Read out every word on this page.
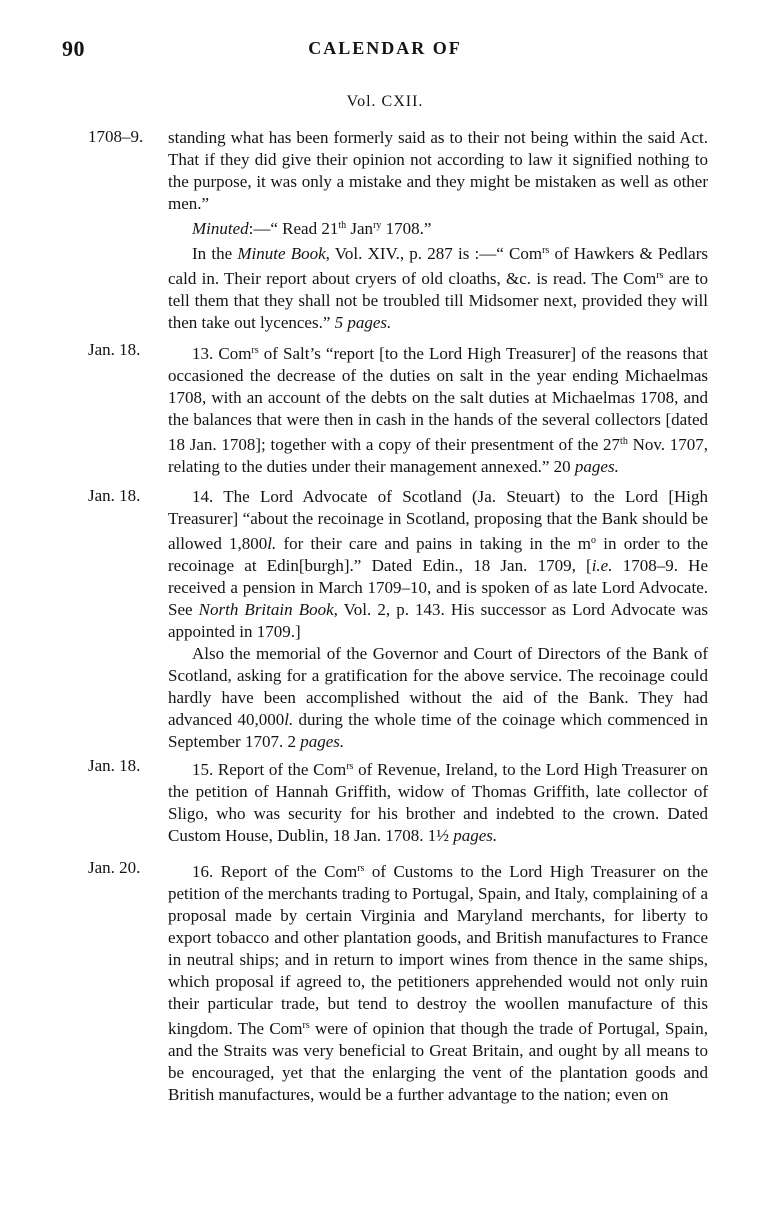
90	CALENDAR OF
Vol. CXII.
1708–9. standing what has been formerly said as to their not being within the said Act. That if they did give their opinion not according to law it signified nothing to the purpose, it was only a mistake and they might be mistaken as well as other men.”

Minuted:—“ Read 21th Jan$^{ry}$ 1708.”

In the Minute Book, Vol. XIV., p. 287 is :—“ Com$^{rs}$ of Hawkers & Pedlars cald in. Their report about cryers of old cloaths, &c. is read. The Com$^{rs}$ are to tell them that they shall not be troubled till Midsomer next, provided they will then take out lycences.” 5 pages.

Jan. 18.	13. Com$^{rs}$ of Salt’s “report [to the Lord High Treasurer] of the reasons that occasioned the decrease of the duties on salt in the year ending Michaelmas 1708, with an account of the debts on the salt duties at Michaelmas 1708, and the balances that were then in cash in the hands of the several collectors [dated 18 Jan. 1708]; together with a copy of their presentment of the 27th Nov. 1707, relating to the duties under their management annexed.” 20 pages.

Jan. 18.	14. The Lord Advocate of Scotland (Ja. Steuart) to the Lord [High Treasurer] “about the recoinage in Scotland, proposing that the Bank should be allowed 1,800l. for their care and pains in taking in the $m^o$ in order to the recoinage at Edin[burgh].” Dated Edin., 18 Jan. 1709, [i.e. 1708–9. He received a pension in March 1709–10, and is spoken of as late Lord Advocate. See North Britain Book, Vol. 2, p. 143. His successor as Lord Advocate was appointed in 1709.]

Also the memorial of the Governor and Court of Directors of the Bank of Scotland, asking for a gratification for the above service. The recoinage could hardly have been accomplished without the aid of the Bank. They had advanced 40,000l. during the whole time of the coinage which commenced in September 1707. 2 pages.

Jan. 18.	15. Report of the Com$^{rs}$ of Revenue, Ireland, to the Lord High Treasurer on the petition of Hannah Griffith, widow of Thomas Griffith, late collector of Sligo, who was security for his brother and indebted to the crown. Dated Custom House, Dublin, 18 Jan. 1708. 1½ pages.

Jan. 20.	16. Report of the Com$^{rs}$ of Customs to the Lord High Treasurer on the petition of the merchants trading to Portugal, Spain, and Italy, complaining of a proposal made by certain Virginia and Maryland merchants, for liberty to export tobacco and other plantation goods, and British manufactures to France in neutral ships; and in return to import wines from thence in the same ships, which proposal if agreed to, the petitioners apprehended would not only ruin their particular trade, but tend to destroy the woollen manufacture of this kingdom. The Com$^{rs}$ were of opinion that though the trade of Portugal, Spain, and the Straits was very beneficial to Great Britain, and ought by all means to be encouraged, yet that the enlarging the vent of the plantation goods and British manufactures, would be a further advantage to the nation; even on
